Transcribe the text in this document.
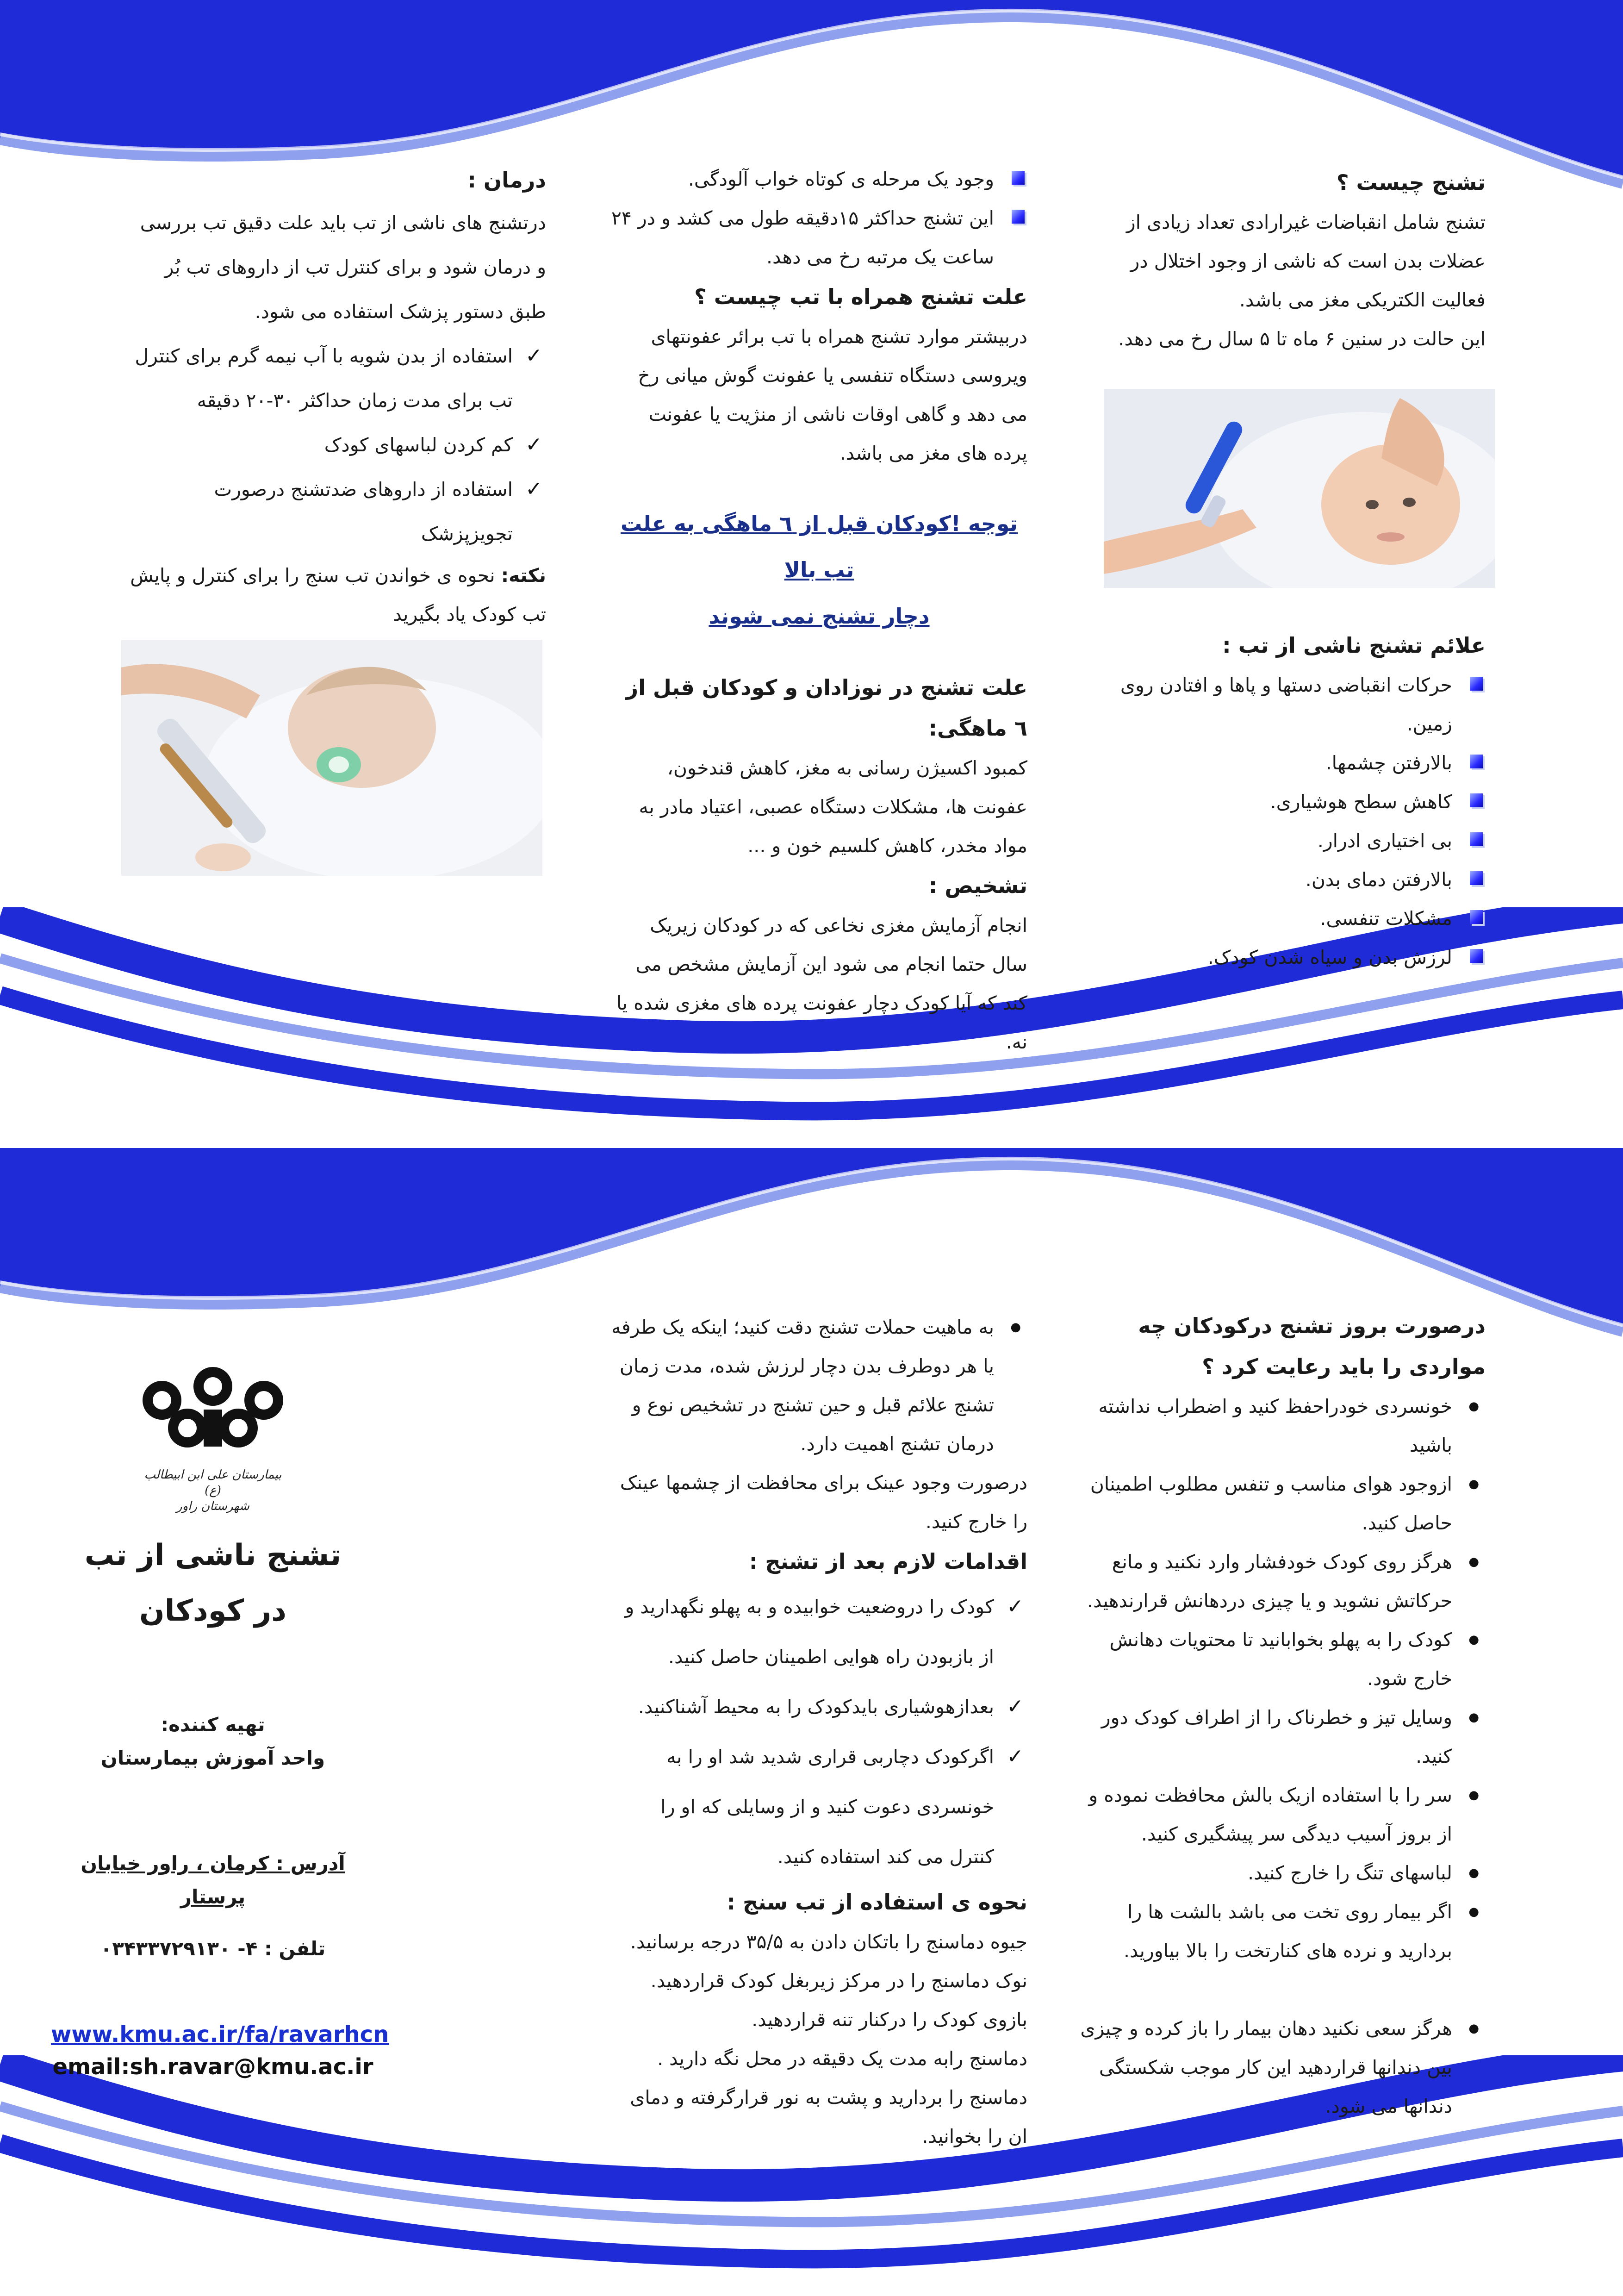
تشنج چیست ؟

تشنج شامل انقباضات غیرارادی تعداد زیادی از عضلات بدن است که ناشی از وجود اختلال در فعالیت الکتریکی مغز می باشد.

این حالت در سنین ۶ ماه تا ۵ سال رخ می دهد.

علائم تشنج ناشی از تب :

حرکات انقباضی دستها و پاها و افتادن روی زمین.
بالارفتن چشمها.
کاهش سطح هوشیاری.
بی اختیاری ادرار.
بالارفتن دمای بدن.
مشکلات تنفسی.
لرزش بدن و سیاه شدن کودک.
وجود یک مرحله ی کوتاه خواب آلودگی.
این تشنج حداکثر ۱۵دقیقه طول می کشد و در ۲۴ ساعت یک مرتبه رخ می دهد.

علت تشنج همراه با تب چیست ؟

دربیشتر موارد تشنج همراه با تب برائر عفونتهای ویروسی دستگاه تنفسی یا عفونت گوش میانی رخ می دهد و گاهی اوقات ناشی از منژیت یا عفونت پرده های مغز می باشد.

توجه !کودکان قبل از ٦ ماهگی به علت تب بالا
دچار تشنج نمی شوند

علت تشنج در نوزادان و کودکان قبل از ٦ ماهگی:

کمبود اکسیژن رسانی به مغز، کاهش قندخون، عفونت ها، مشکلات دستگاه عصبی، اعتیاد مادر به مواد مخدر، کاهش کلسیم خون و ...

تشخیص :

انجام آزمایش مغزی نخاعی که در کودکان زیریک سال حتما انجام می شود این آزمایش مشخص می کند که آیا کودک دچار عفونت پرده های مغزی شده یا نه.

درمان :

درتشنج های ناشی از تب باید علت دقیق تب بررسی و درمان شود و برای کنترل تب از داروهای تب بُر طبق دستور پزشک استفاده می شود.

✓ استفاده از بدن شویه با آب نیمه گرم برای کنترل تب برای مدت زمان حداکثر ۳۰-۲۰ دقیقه
✓ کم کردن لباسهای کودک
✓ استفاده از داروهای ضدتشنج درصورت تجویزپزشک

نکته: نحوه ی خواندن تب سنج را برای کنترل و پایش تب کودک یاد بگیرید

درصورت بروز تشنج درکودکان چه مواردی را باید رعایت کرد ؟

● خونسردی خودراحفظ کنید و اضطراب نداشته باشید
● ازوجود هوای مناسب و تنفس مطلوب اطمینان حاصل کنید.
● هرگز روی کودک خودفشار وارد نکنید و مانع حرکاتش نشوید و یا چیزی دردهانش قرارندهید.
● کودک را به پهلو بخوابانید تا محتویات دهانش خارج شود.
● وسایل تیز و خطرناک را از اطراف کودک دور کنید.
● سر را با استفاده ازیک بالش محافظت نموده و از بروز آسیب دیدگی سر پیشگیری کنید.
● لباسهای تنگ را خارج کنید.
● اگر بیمار روی تخت می باشد بالشت ها را بردارید و نرده های کنارتخت را بالا بیاورید.
● هرگز سعی نکنید دهان بیمار را باز کرده و چیزی بین دندانها قراردهید این کار موجب شکستگی دندانها می شود.
● به ماهیت حملات تشنج دقت کنید؛ اینکه یک طرفه یا هر دوطرف بدن دچار لرزش شده، مدت زمان تشنج علائم قبل و حین تشنج در تشخیص نوع و درمان تشنج اهمیت دارد.

درصورت وجود عینک برای محافظت از چشمها عینک را خارج کنید.

اقدامات لازم بعد از تشنج :

✓ کودک را دروضعیت خوابیده و به پهلو نگهدارید و از بازبودن راه هوایی اطمینان حاصل کنید.
✓ بعدازهوشیاری بایدکودک را به محیط آشناکنید.
✓ اگرکودک دچاربی قراری شدید شد او را به خونسردی دعوت کنید و از وسایلی که او را کنترل می کند استفاده کنید.

نحوه ی استفاده از تب سنج :

جیوه دماسنج را باتکان دادن به ۳۵/۵ درجه برسانید.

نوک دماسنج را در مرکز زیربغل کودک قراردهید.

بازوی کودک را درکنار تنه قراردهید.

دماسنج رابه مدت یک دقیقه در محل نگه دارید .

دماسنج را بردارید و پشت به نور قرارگرفته و دمای ان را بخوانید.

بیمارستان علی ابن ابیطالب (ع)
شهرستان راور
تشنج ناشی از تب
در کودکان
تهیه کننده:
واحد آموزش بیمارستان
آدرس : کرمان ، راور خیابان پرستار
تلفن : ۴- ۰۳۴۳۳۷۲۹۱۳۰
www.kmu.ac.ir/fa/ravarhcn
email:sh.ravar@kmu.ac.ir
